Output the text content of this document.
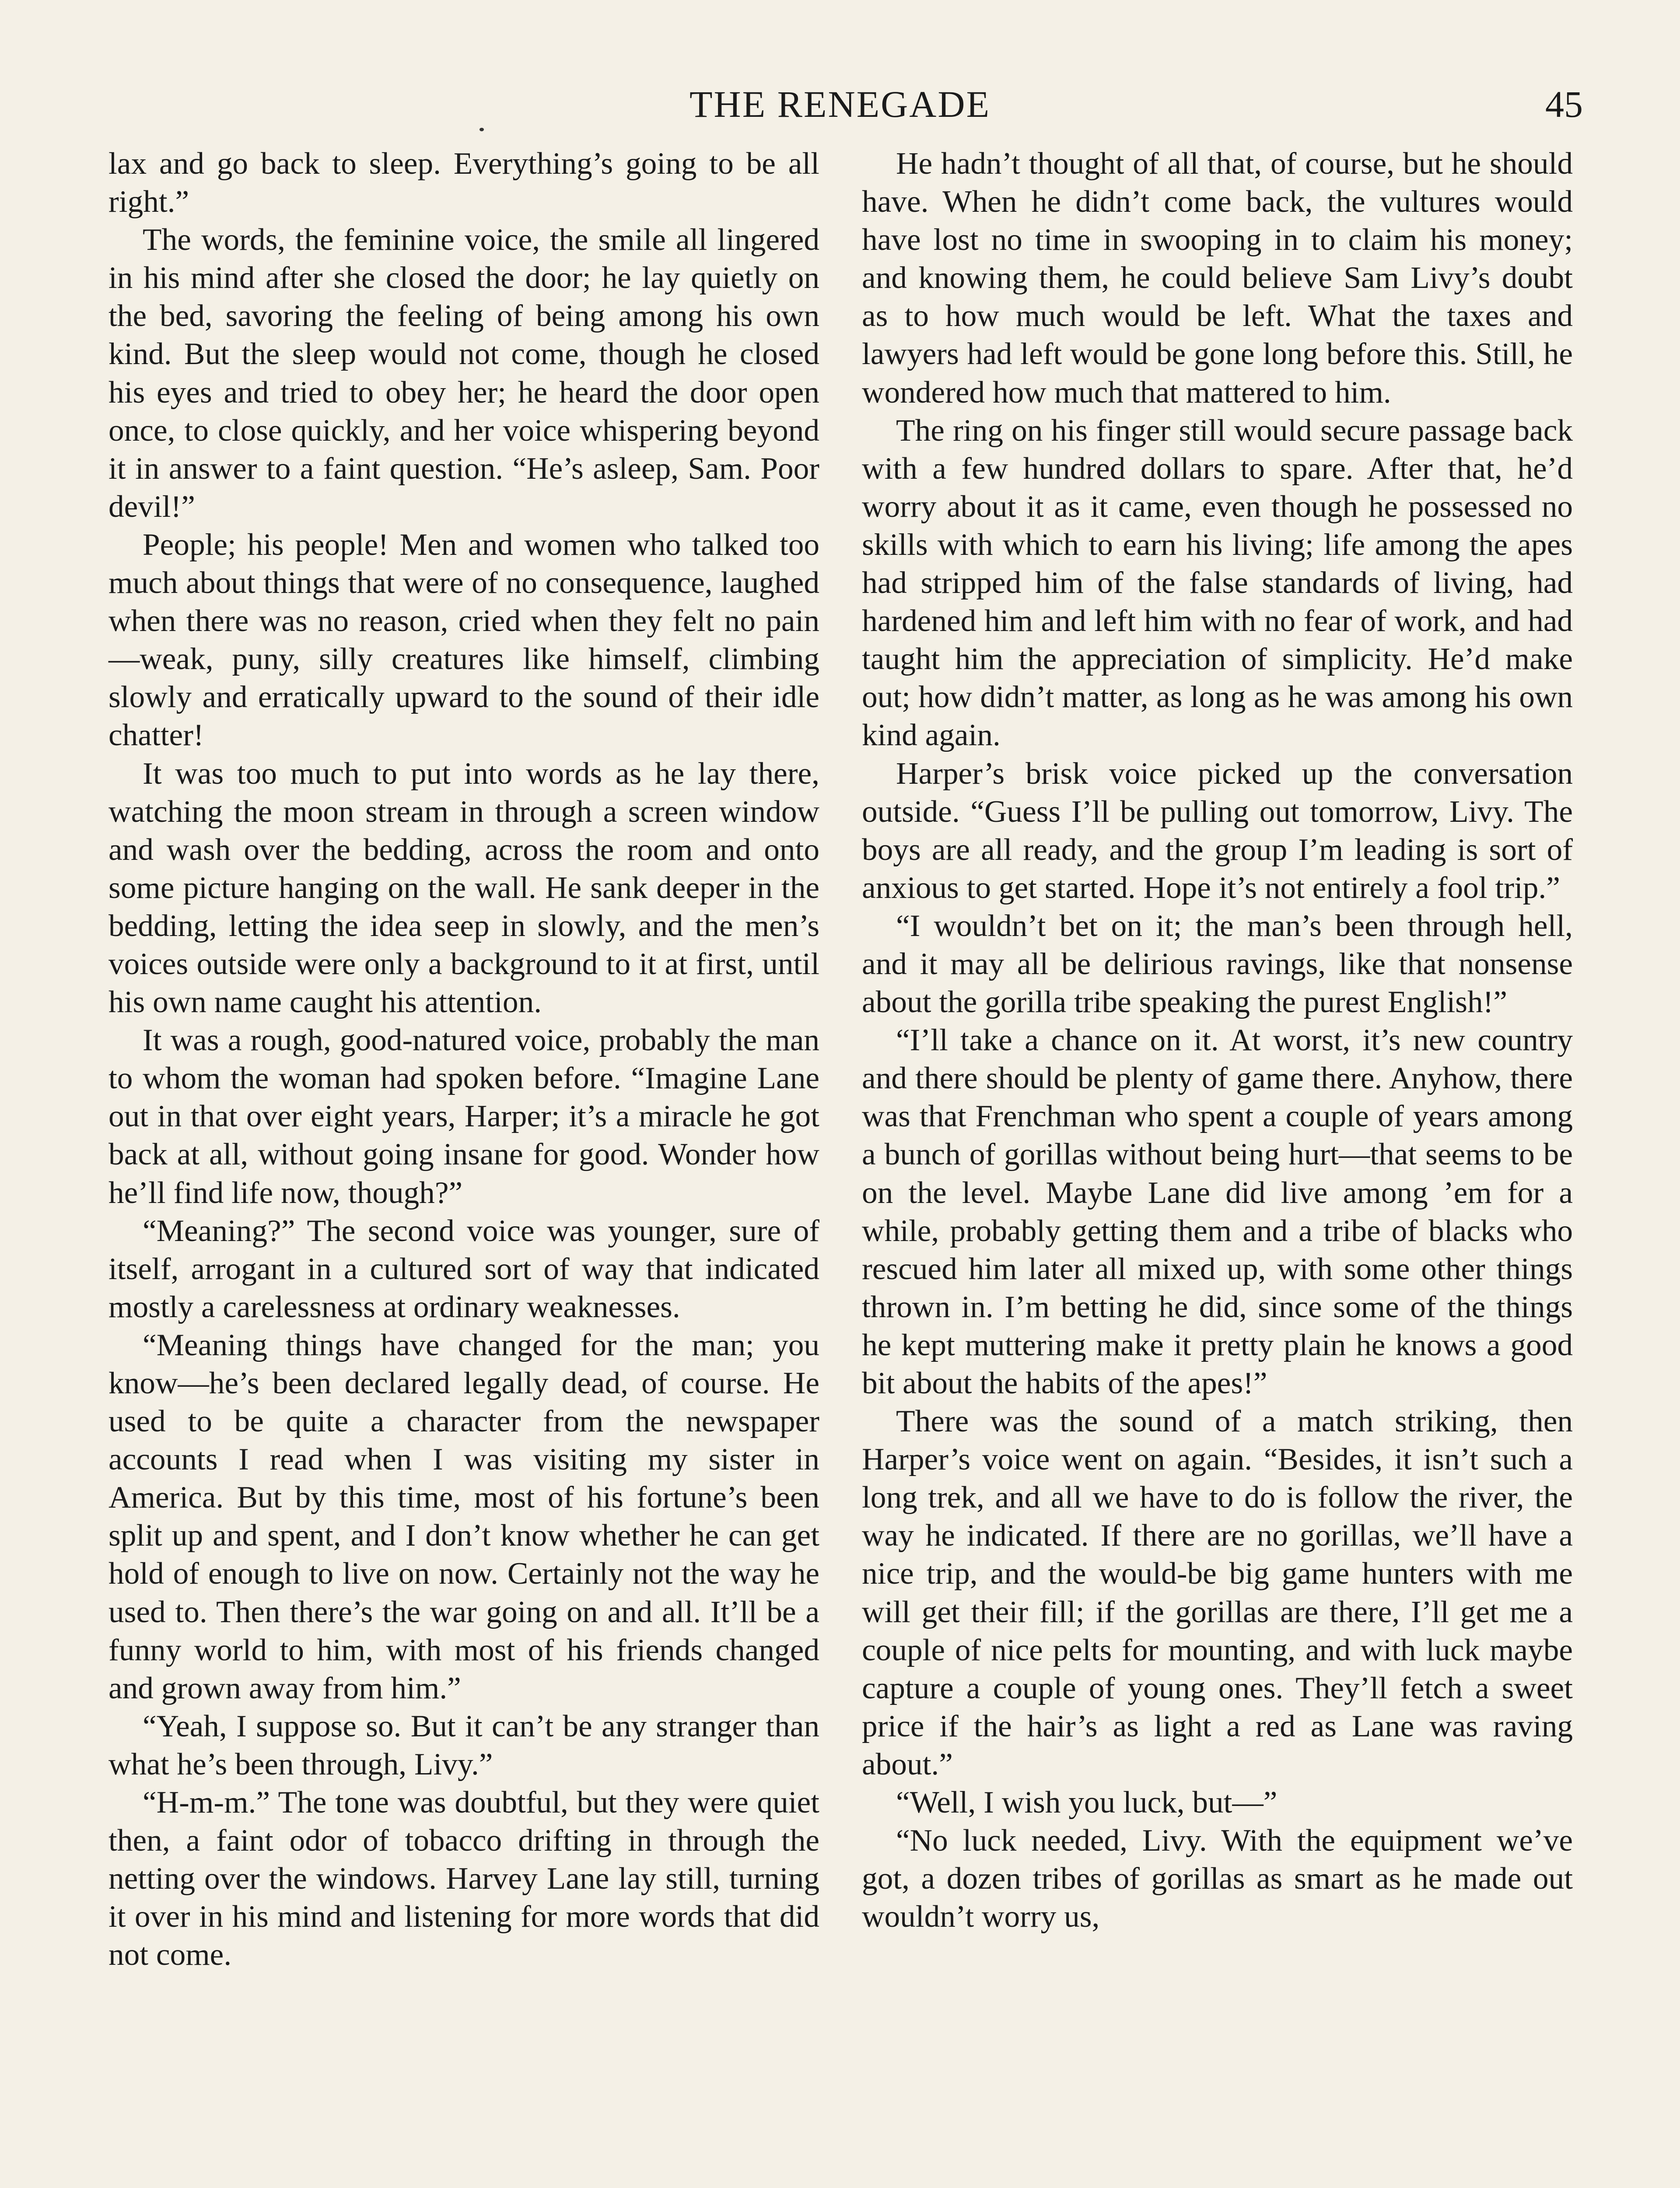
THE RENEGADE	45

lax and go back to sleep. Everything’s going to be all right.”

The words, the feminine voice, the smile all lingered in his mind after she closed the door; he lay quietly on the bed, savoring the feeling of being among his own kind. But the sleep would not come, though he closed his eyes and tried to obey her; he heard the door open once, to close quickly, and her voice whispering beyond it in answer to a faint question. “He’s asleep, Sam. Poor devil!”

People; his people! Men and women who talked too much about things that were of no consequence, laughed when there was no reason, cried when they felt no pain—weak, puny, silly creatures like himself, climbing slowly and erratically upward to the sound of their idle chatter!

It was too much to put into words as he lay there, watching the moon stream in through a screen window and wash over the bedding, across the room and onto some picture hanging on the wall. He sank deeper in the bedding, letting the idea seep in slowly, and the men’s voices outside were only a background to it at first, until his own name caught his attention.

It was a rough, good-natured voice, probably the man to whom the woman had spoken before. “Imagine Lane out in that over eight years, Harper; it’s a miracle he got back at all, without going insane for good. Wonder how he’ll find life now, though?”

“Meaning?” The second voice was younger, sure of itself, arrogant in a cultured sort of way that indicated mostly a carelessness at ordinary weaknesses.

“Meaning things have changed for the man; you know—he’s been declared legally dead, of course. He used to be quite a character from the newspaper accounts I read when I was visiting my sister in America. But by this time, most of his fortune’s been split up and spent, and I don’t know whether he can get hold of enough to live on now. Certainly not the way he used to. Then there’s the war going on and all. It’ll be a funny world to him, with most of his friends changed and grown away from him.”

“Yeah, I suppose so. But it can’t be any stranger than what he’s been through, Livy.”

“H-m-m.” The tone was doubtful, but they were quiet then, a faint odor of tobacco drifting in through the netting over the windows. Harvey Lane lay still, turning it over in his mind and listening for more words that did not come.

He hadn’t thought of all that, of course, but he should have. When he didn’t come back, the vultures would have lost no time in swooping in to claim his money; and knowing them, he could believe Sam Livy’s doubt as to how much would be left. What the taxes and lawyers had left would be gone long before this. Still, he wondered how much that mattered to him.

The ring on his finger still would secure passage back with a few hundred dollars to spare. After that, he’d worry about it as it came, even though he possessed no skills with which to earn his living; life among the apes had stripped him of the false standards of living, had hardened him and left him with no fear of work, and had taught him the appreciation of simplicity. He’d make out; how didn’t matter, as long as he was among his own kind again.

Harper’s brisk voice picked up the conversation outside. “Guess I’ll be pulling out tomorrow, Livy. The boys are all ready, and the group I’m leading is sort of anxious to get started. Hope it’s not entirely a fool trip.”

“I wouldn’t bet on it; the man’s been through hell, and it may all be delirious ravings, like that nonsense about the gorilla tribe speaking the purest English!”

“I’ll take a chance on it. At worst, it’s new country and there should be plenty of game there. Anyhow, there was that Frenchman who spent a couple of years among a bunch of gorillas without being hurt—that seems to be on the level. Maybe Lane did live among ’em for a while, probably getting them and a tribe of blacks who rescued him later all mixed up, with some other things thrown in. I’m betting he did, since some of the things he kept muttering make it pretty plain he knows a good bit about the habits of the apes!”

There was the sound of a match striking, then Harper’s voice went on again. “Besides, it isn’t such a long trek, and all we have to do is follow the river, the way he indicated. If there are no gorillas, we’ll have a nice trip, and the would-be big game hunters with me will get their fill; if the gorillas are there, I’ll get me a couple of nice pelts for mounting, and with luck maybe capture a couple of young ones. They’ll fetch a sweet price if the hair’s as light a red as Lane was raving about.”

“Well, I wish you luck, but—”

“No luck needed, Livy. With the equipment we’ve got, a dozen tribes of gorillas as smart as he made out wouldn’t worry us,
